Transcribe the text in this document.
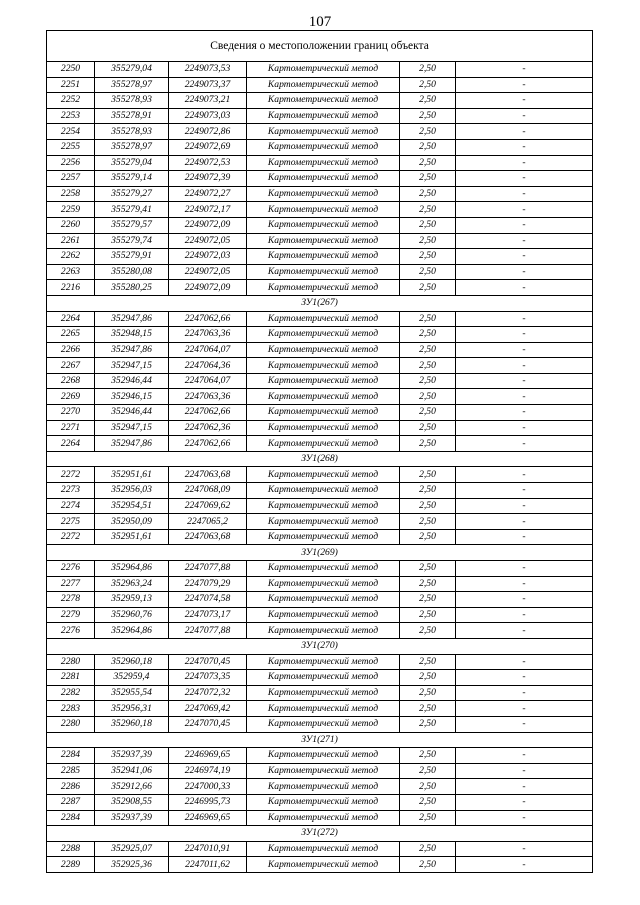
107
Сведения о местоположении границ объекта					
2250	355279,04	2249073,53	Картометрический метод	2,50	-
2251	355278,97	2249073,37	Картометрический метод	2,50	-
2252	355278,93	2249073,21	Картометрический метод	2,50	-
2253	355278,91	2249073,03	Картометрический метод	2,50	-
2254	355278,93	2249072,86	Картометрический метод	2,50	-
2255	355278,97	2249072,69	Картометрический метод	2,50	-
2256	355279,04	2249072,53	Картометрический метод	2,50	-
2257	355279,14	2249072,39	Картометрический метод	2,50	-
2258	355279,27	2249072,27	Картометрический метод	2,50	-
2259	355279,41	2249072,17	Картометрический метод	2,50	-
2260	355279,57	2249072,09	Картометрический метод	2,50	-
2261	355279,74	2249072,05	Картометрический метод	2,50	-
2262	355279,91	2249072,03	Картометрический метод	2,50	-
2263	355280,08	2249072,05	Картометрический метод	2,50	-
2216	355280,25	2249072,09	Картометрический метод	2,50	-
ЗУ1(267)					
2264	352947,86	2247062,66	Картометрический метод	2,50	-
2265	352948,15	2247063,36	Картометрический метод	2,50	-
2266	352947,86	2247064,07	Картометрический метод	2,50	-
2267	352947,15	2247064,36	Картометрический метод	2,50	-
2268	352946,44	2247064,07	Картометрический метод	2,50	-
2269	352946,15	2247063,36	Картометрический метод	2,50	-
2270	352946,44	2247062,66	Картометрический метод	2,50	-
2271	352947,15	2247062,36	Картометрический метод	2,50	-
2264	352947,86	2247062,66	Картометрический метод	2,50	-
ЗУ1(268)					
2272	352951,61	2247063,68	Картометрический метод	2,50	-
2273	352956,03	2247068,09	Картометрический метод	2,50	-
2274	352954,51	2247069,62	Картометрический метод	2,50	-
2275	352950,09	2247065,2	Картометрический метод	2,50	-
2272	352951,61	2247063,68	Картометрический метод	2,50	-
ЗУ1(269)					
2276	352964,86	2247077,88	Картометрический метод	2,50	-
2277	352963,24	2247079,29	Картометрический метод	2,50	-
2278	352959,13	2247074,58	Картометрический метод	2,50	-
2279	352960,76	2247073,17	Картометрический метод	2,50	-
2276	352964,86	2247077,88	Картометрический метод	2,50	-
ЗУ1(270)					
2280	352960,18	2247070,45	Картометрический метод	2,50	-
2281	352959,4	2247073,35	Картометрический метод	2,50	-
2282	352955,54	2247072,32	Картометрический метод	2,50	-
2283	352956,31	2247069,42	Картометрический метод	2,50	-
2280	352960,18	2247070,45	Картометрический метод	2,50	-
ЗУ1(271)					
2284	352937,39	2246969,65	Картометрический метод	2,50	-
2285	352941,06	2246974,19	Картометрический метод	2,50	-
2286	352912,66	2247000,33	Картометрический метод	2,50	-
2287	352908,55	2246995,73	Картометрический метод	2,50	-
2284	352937,39	2246969,65	Картометрический метод	2,50	-
ЗУ1(272)					
2288	352925,07	2247010,91	Картометрический метод	2,50	-
2289	352925,36	2247011,62	Картометрический метод	2,50	-
